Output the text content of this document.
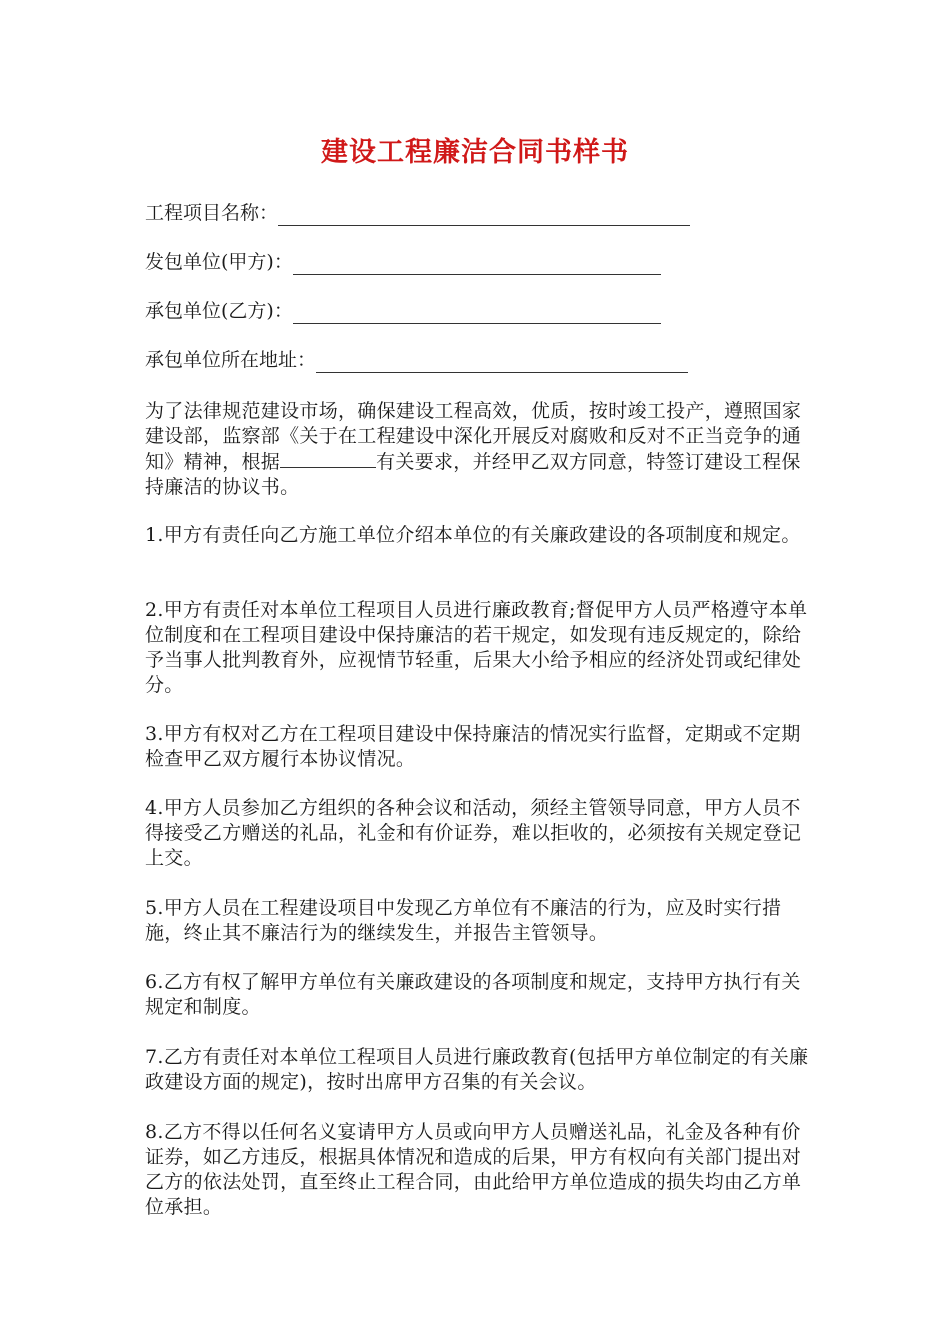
建设工程廉洁合同书样书
工程项目名称：
发包单位(甲方)：
承包单位(乙方)：
承包单位所在地址：

为了法律规范建设市场，确保建设工程高效，优质，按时竣工投产，遵照国家建设部，监察部《关于在工程建设中深化开展反对腐败和反对不正当竞争的通知》精神，根据	有关要求，并经甲乙双方同意，特签订建设工程保持廉洁的协议书。

1.甲方有责任向乙方施工单位介绍本单位的有关廉政建设的各项制度和规定。

2.甲方有责任对本单位工程项目人员进行廉政教育;督促甲方人员严格遵守本单位制度和在工程项目建设中保持廉洁的若干规定，如发现有违反规定的，除给予当事人批判教育外，应视情节轻重，后果大小给予相应的经济处罚或纪律处分。

3.甲方有权对乙方在工程项目建设中保持廉洁的情况实行监督，定期或不定期检查甲乙双方履行本协议情况。

4.甲方人员参加乙方组织的各种会议和活动，须经主管领导同意，甲方人员不得接受乙方赠送的礼品，礼金和有价证券，难以拒收的，必须按有关规定登记上交。

5.甲方人员在工程建设项目中发现乙方单位有不廉洁的行为，应及时实行措施，终止其不廉洁行为的继续发生，并报告主管领导。

6.乙方有权了解甲方单位有关廉政建设的各项制度和规定，支持甲方执行有关规定和制度。

7.乙方有责任对本单位工程项目人员进行廉政教育(包括甲方单位制定的有关廉政建设方面的规定)，按时出席甲方召集的有关会议。

8.乙方不得以任何名义宴请甲方人员或向甲方人员赠送礼品，礼金及各种有价证券，如乙方违反，根据具体情况和造成的后果，甲方有权向有关部门提出对乙方的依法处罚，直至终止工程合同，由此给甲方单位造成的损失均由乙方单位承担。
